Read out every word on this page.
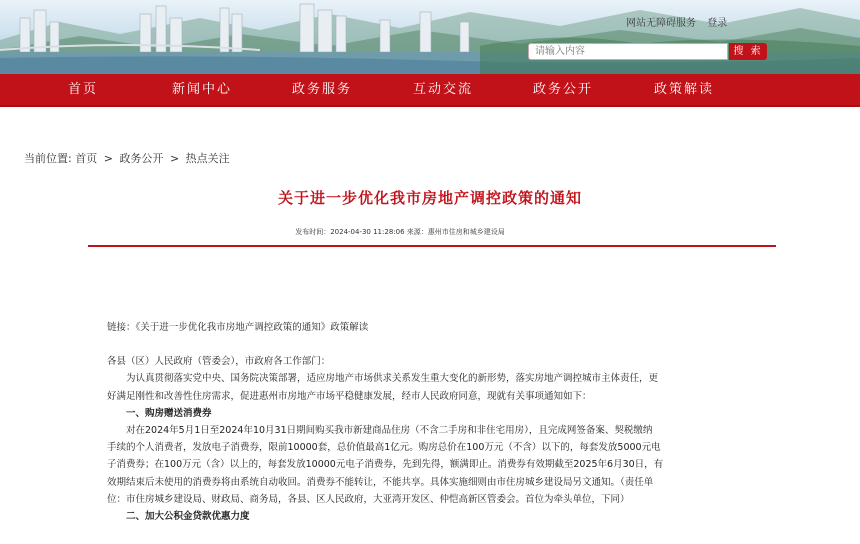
网站无障碍服务 登录
请输入内容	搜 索
首页	新闻中心	政务服务	互动交流	政务公开	政策解读
当前位置: 首页 > 政务公开 > 热点关注
关于进一步优化我市房地产调控政策的通知
发布时间：2024-04-30 11:28:06 来源：惠州市住房和城乡建设局
链接：《关于进一步优化我市房地产调控政策的通知》政策解读
各县（区）人民政府（管委会），市政府各工作部门：
为认真贯彻落实党中央、国务院决策部署，适应房地产市场供求关系发生重大变化的新形势，落实房地产调控城市主体责任，更
好满足刚性和改善性住房需求，促进惠州市房地产市场平稳健康发展，经市人民政府同意，现就有关事项通知如下：
一、购房赠送消费券
对在2024年5月1日至2024年10月31日期间购买我市新建商品住房（不含二手房和非住宅用房），且完成网签备案、契税缴纳
手续的个人消费者，发放电子消费券，限前10000套，总价值最高1亿元。购房总价在100万元（不含）以下的，每套发放5000元电
子消费券；在100万元（含）以上的，每套发放10000元电子消费券，先到先得，额满即止。消费券有效期截至2025年6月30日，有
效期结束后未使用的消费券将由系统自动收回。消费券不能转让，不能共享。具体实施细则由市住房城乡建设局另文通知。（责任单
位：市住房城乡建设局、财政局、商务局，各县、区人民政府，大亚湾开发区、仲恺高新区管委会。首位为牵头单位，下同）
二、加大公积金贷款优惠力度
